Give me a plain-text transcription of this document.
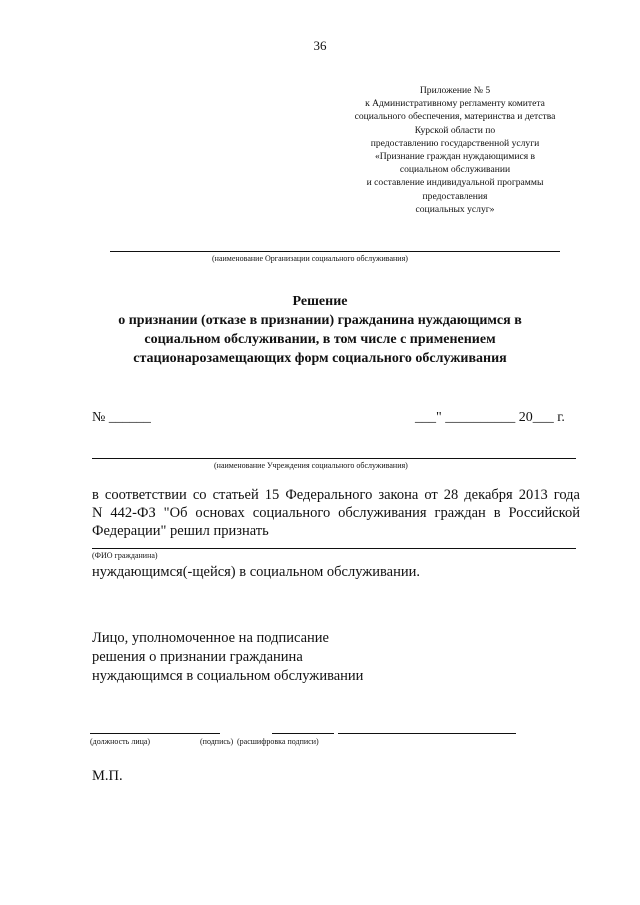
36
Приложение № 5
к Административному регламенту комитета
социального обеспечения, материнства и детства
Курской области по
предоставлению государственной услуги
«Признание граждан нуждающимися в
социальном обслуживании
и составление индивидуальной программы
предоставления
социальных услуг»
(наименование Организации социального обслуживания)
Решение
о признании (отказе в признании) гражданина нуждающимся в
социальном обслуживании, в том числе с применением
стационарозамещающих форм социального обслуживания
№ ______	___" __________ 20___ г.
(наименование Учреждения социального обслуживания)
в соответствии со статьей 15 Федерального закона от 28 декабря 2013 года
N 442-ФЗ "Об основах социального обслуживания граждан в Российской
Федерации" решил признать
(ФИО гражданина)
нуждающимся(-щейся) в социальном обслуживании.
Лицо, уполномоченное на подписание
решения о признании гражданина
нуждающимся в социальном обслуживании
(должность лица)	(подпись) (расшифровка подписи)
М.П.
